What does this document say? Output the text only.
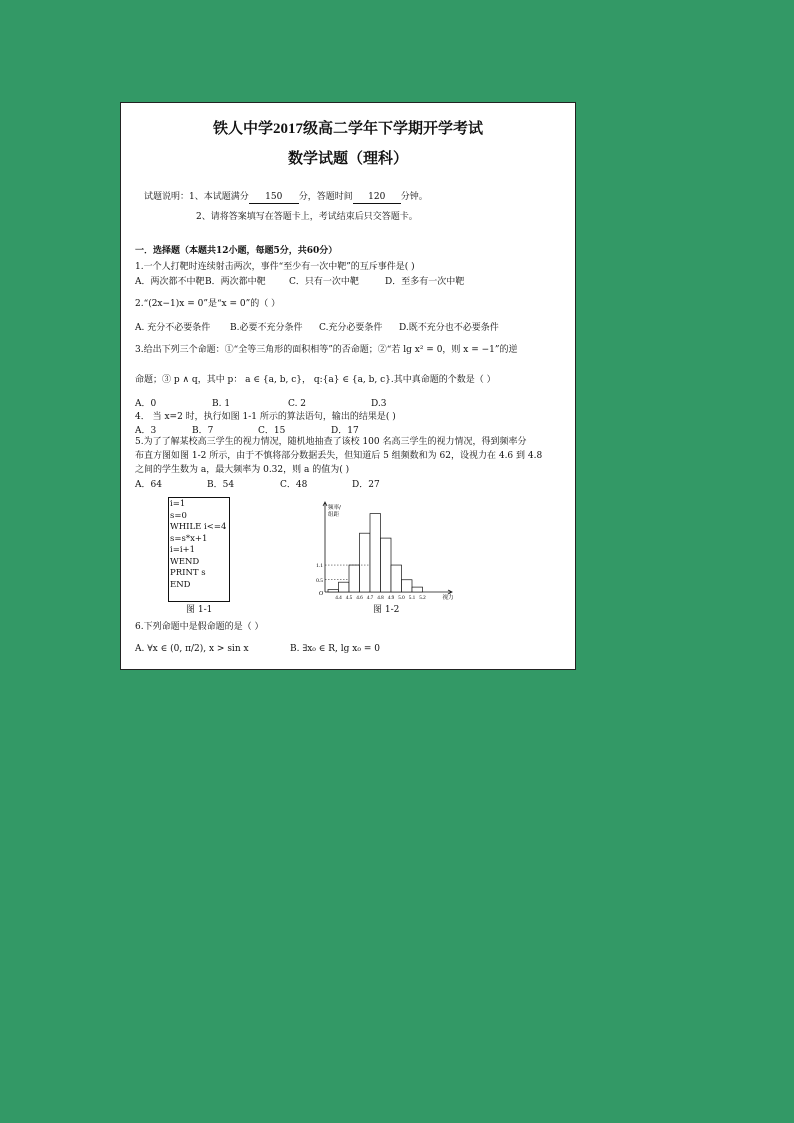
铁人中学2017级高二学年下学期开学考试
数学试题（理科）
试题说明：1、本试题满分 150 分，答题时间 120 分钟。
2、请将答案填写在答题卡上，考试结束后只交答题卡。
一．选择题（本题共12小题，每题5分，共60分）
1.一个人打靶时连续射击两次，事件“至少有一次中靶”的互斥事件是( )
A．两次都不中靶B．两次都中靶	C．只有一次中靶	D．至多有一次中靶
2.“(2x−1)x = 0”是“x = 0”的（ ）
A. 充分不必要条件 B.必要不充分条件 C.充分必要条件 D.既不充分也不必要条件
3.给出下列三个命题：①“全等三角形的面积相等”的否命题；②“若 lg x² = 0，则 x = −1”的逆
命题；③ p ∧ q，其中 p： a ∈ {a, b, c}， q:{a} ∈ {a, b, c}.其中真命题的个数是（ ）
A．0	B. 1	C. 2	D.3
4． 当 x=2 时，执行如图 1-1 所示的算法语句，输出的结果是( )
A．3	B．7	C．15	D．17
5.为了了解某校高三学生的视力情况，随机地抽查了该校 100 名高三学生的视力情况，得到频率分
布直方图如图 1-2 所示，由于不慎将部分数据丢失，但知道后 5 组频数和为 62，设视力在 4.6 到 4.8
之间的学生数为 a，最大频率为 0.32，则 a 的值为( )
A．64	B．54	C．48	D．27
i=1
s=0
WHILE i<=4
s=s*x+1
i=i+1
WEND
PRINT s
END
图 1-1
0.5
1.1
4.4 4.5 4.6 4.7 4.8 4.9 5.0 5.1 5.2
O
视力
频率/
组距
图 1-2
6.下列命题中是假命题的是（ ）
A. ∀x ∈ (0, π/2), x > sin x	B. ∃x₀ ∈ R, lg x₀ = 0
